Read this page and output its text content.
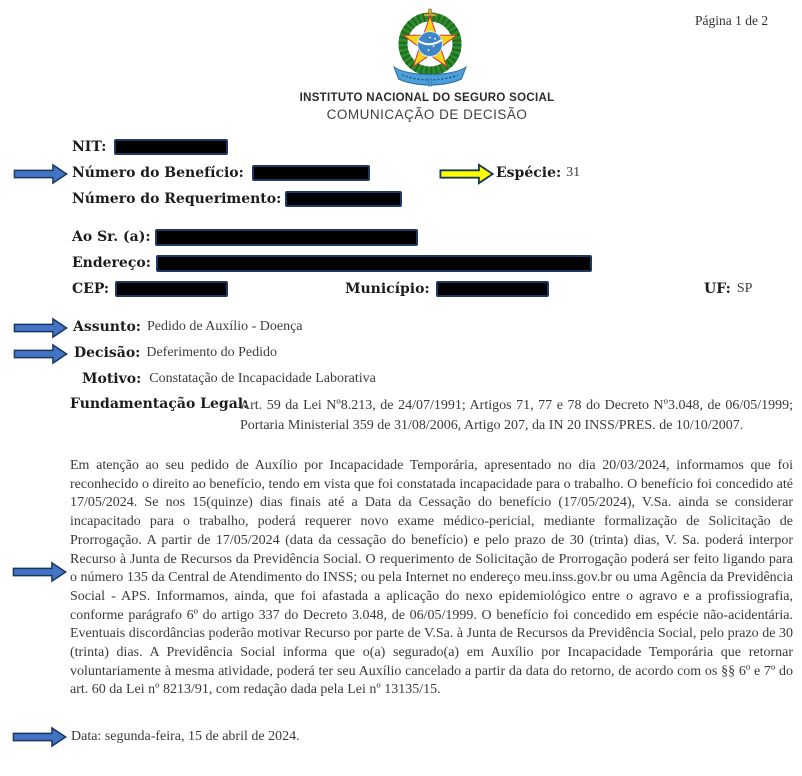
Página 1 de 2
INSTITUTO NACIONAL DO SEGURO SOCIAL
COMUNICAÇÃO DE DECISÃO
NIT:
Número do Benefício:	Espécie: 31
Número do Requerimento:
Ao Sr. (a):
Endereço:
CEP:	Município:	UF: SP
Assunto: Pedido de Auxílio - Doença
Decisão: Deferimento do Pedido
Motivo: Constatação de Incapacidade Laborativa
Fundamentação Legal:
Art. 59 da Lei Nº8.213, de 24/07/1991; Artigos 71, 77 e 78 do Decreto Nº3.048, de 06/05/1999; Portaria Ministerial 359 de 31/08/2006, Artigo 207, da IN 20 INSS/PRES. de 10/10/2007.
Em atenção ao seu pedido de Auxílio por Incapacidade Temporária, apresentado no dia 20/03/2024, informamos que foi reconhecido o direito ao benefício, tendo em vista que foi constatada incapacidade para o trabalho. O benefício foi concedido até 17/05/2024. Se nos 15(quinze) dias finais até a Data da Cessação do benefício (17/05/2024), V.Sa. ainda se considerar incapacitado para o trabalho, poderá requerer novo exame médico-pericial, mediante formalização de Solicitação de Prorrogação. A partir de 17/05/2024 (data da cessação do benefício) e pelo prazo de 30 (trinta) dias, V. Sa. poderá interpor Recurso à Junta de Recursos da Previdência Social. O requerimento de Solicitação de Prorrogação poderá ser feito ligando para o número 135 da Central de Atendimento do INSS; ou pela Internet no endereço meu.inss.gov.br ou uma Agência da Previdência Social - APS. Informamos, ainda, que foi afastada a aplicação do nexo epidemiológico entre o agravo e a profissiografia, conforme parágrafo 6º do artigo 337 do Decreto 3.048, de 06/05/1999. O benefício foi concedido em espécie não-acidentária. Eventuais discordâncias poderão motivar Recurso por parte de V.Sa. à Junta de Recursos da Previdência Social, pelo prazo de 30 (trinta) dias. A Previdência Social informa que o(a) segurado(a) em Auxílio por Incapacidade Temporária que retornar voluntariamente à mesma atividade, poderá ter seu Auxílio cancelado a partir da data do retorno, de acordo com os §§ 6º e 7º do art. 60 da Lei nº 8213/91, com redação dada pela Lei nº 13135/15.
Data: segunda-feira, 15 de abril de 2024.
